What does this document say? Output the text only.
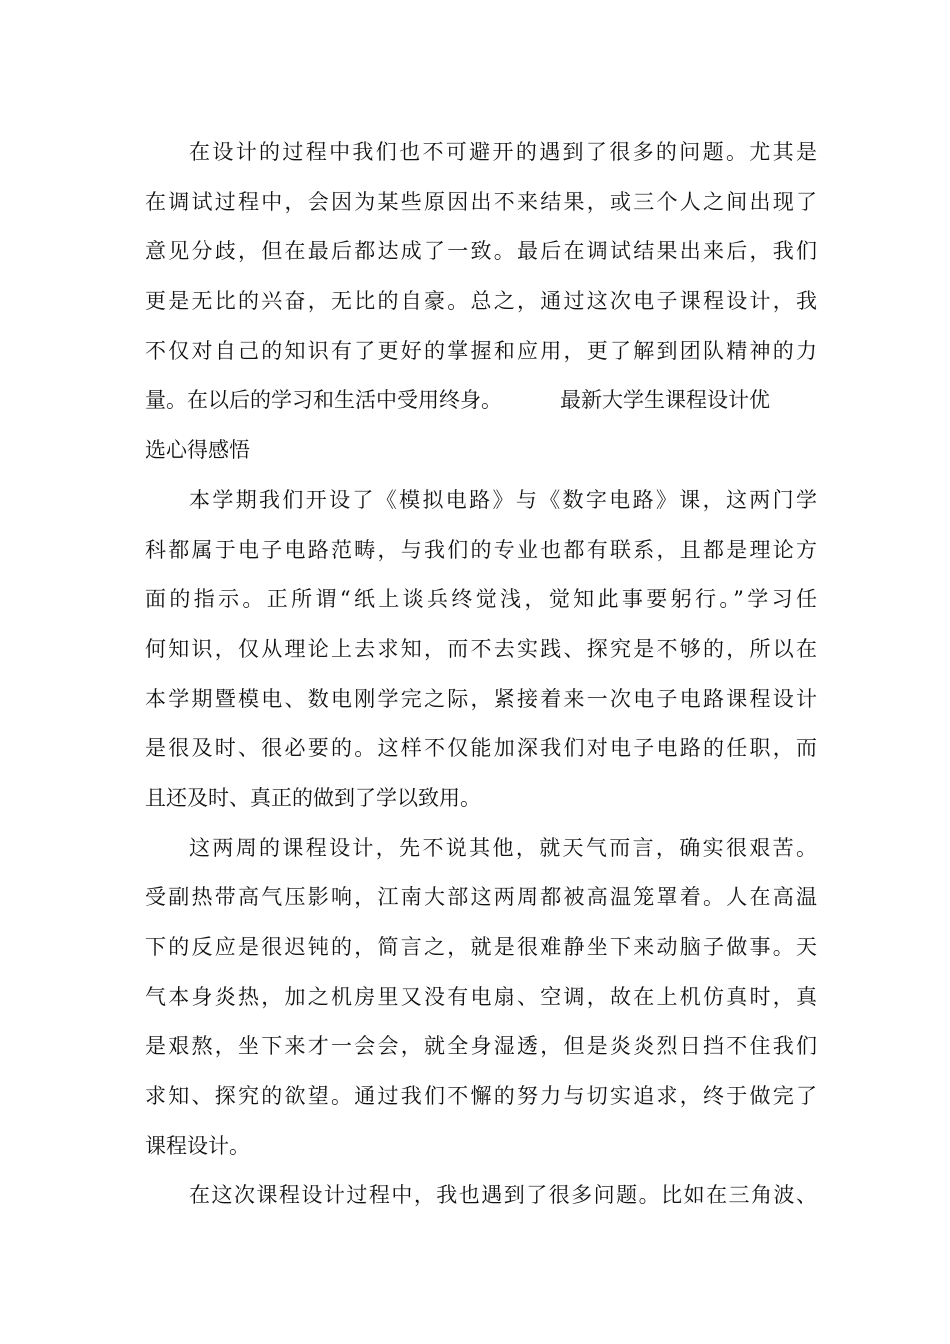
在设计的过程中我们也不可避开的遇到了很多的问题。尤其是
在调试过程中，会因为某些原因出不来结果，或三个人之间出现了
意见分歧，但在最后都达成了一致。最后在调试结果出来后，我们
更是无比的兴奋，无比的自豪。总之，通过这次电子课程设计，我
不仅对自己的知识有了更好的掌握和应用，更了解到团队精神的力
量。在以后的学习和生活中受用终身。	最新大学生课程设计优
选心得感悟
本学期我们开设了《模拟电路》与《数字电路》课，这两门学
科都属于电子电路范畴，与我们的专业也都有联系，且都是理论方
面的指示。正所谓“纸上谈兵终觉浅，觉知此事要躬行。”学习任
何知识，仅从理论上去求知，而不去实践、探究是不够的，所以在
本学期暨模电、数电刚学完之际，紧接着来一次电子电路课程设计
是很及时、很必要的。这样不仅能加深我们对电子电路的任职，而
且还及时、真正的做到了学以致用。
这两周的课程设计，先不说其他，就天气而言，确实很艰苦。
受副热带高气压影响，江南大部这两周都被高温笼罩着。人在高温
下的反应是很迟钝的，简言之，就是很难静坐下来动脑子做事。天
气本身炎热，加之机房里又没有电扇、空调，故在上机仿真时，真
是艰熬，坐下来才一会会，就全身湿透，但是炎炎烈日挡不住我们
求知、探究的欲望。通过我们不懈的努力与切实追求，终于做完了
课程设计。
在这次课程设计过程中，我也遇到了很多问题。比如在三角波、
